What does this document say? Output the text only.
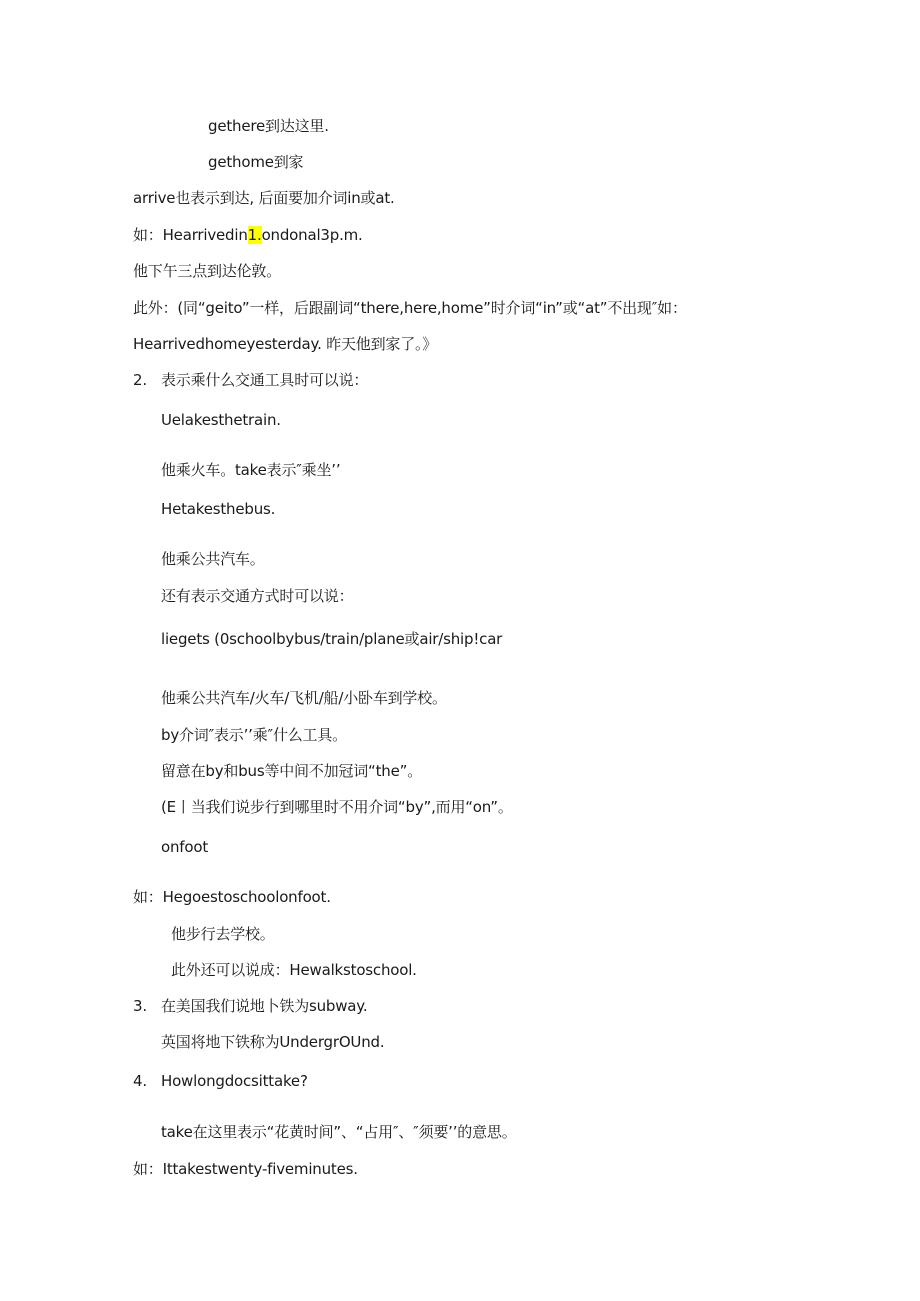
gethere到达这里.
gethome到家
arrive也表示到达, 后面要加介词in或at.
如：Hearrivedin1.ondonal3p.m.
他下午三点到达伦敦。
此外：(同“geito”一样，后跟副词“there,here,home”时介词“in”或“at”不出现″如：
Hearrivedhomeyesterday. 昨天他到家了。》
2. 表示乘什么交通工具时可以说：
Uelakesthetrain.
他乘火车。take表示″乘坐’’
Hetakesthebus.
他乘公共汽车。
还有表示交通方式时可以说：
liegets (0schoolbybus/train/plane或air/ship!car
他乘公共汽车/火车/飞机/船/小卧车到学校。
by介词″表示’’乘″什么工具。
留意在by和bus等中间不加冠词“the”。
(E丨当我们说步行到哪里时不用介词“by”,而用“on”。
onfoot
如：Hegoestoschoolonfoot.
他步行去学校。
此外还可以说成：Hewalkstoschool.
3. 在美国我们说地卜铁为subway.
英国将地下铁称为UndergrOUnd.
4. Howlongdocsittake?
take在这里表示“花黄时间”、“占用″、″须要’’的意思。
如：Ittakestwenty-fiveminutes.
